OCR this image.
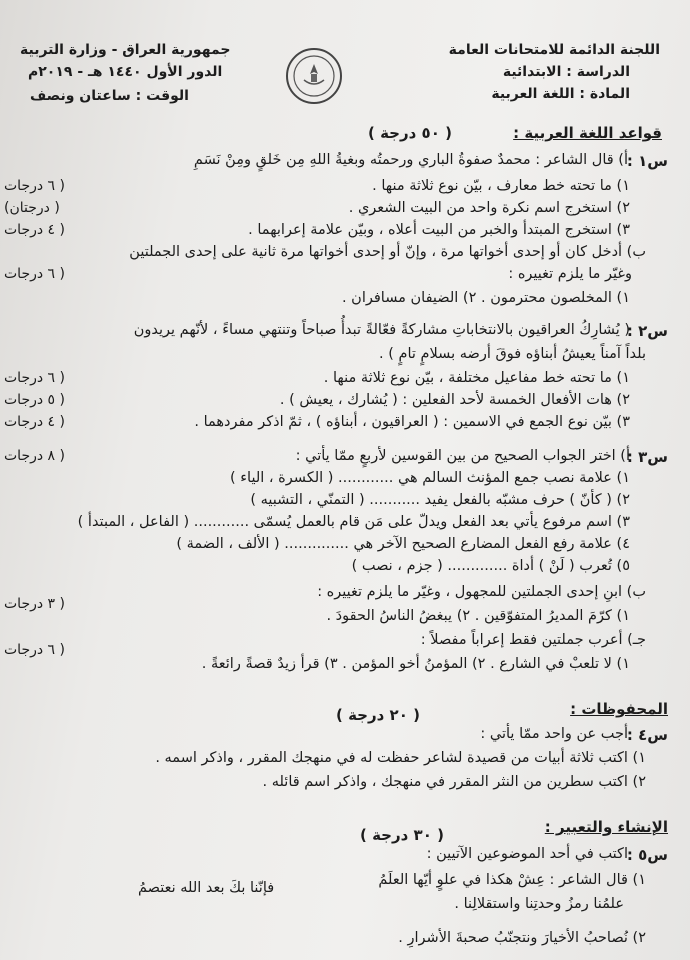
اللجنة الدائمة للامتحانات العامة
الدراسة : الابتدائية
المادة : اللغة العربية
جمهورية العراق - وزارة التربية
الدور الأول ١٤٤٠ هـ - ٢٠١٩م
الوقت : ساعتان ونصف
قواعد اللغة العربية :
( ٥٠ درجة )
س١ :
أ) قال الشاعر : محمدٌ صفوةُ الباري ورحمتُه وبغيةُ اللهِ مِن خَلقٍ ومِنْ نَسَمِ
١) ما تحته خط معارف ، بيّن نوع ثلاثة منها .
( ٦ درجات
٢) استخرج اسم نكرة واحد من البيت الشعري .
( درجتان)
٣) استخرج المبتدأ والخبر من البيت أعلاه ، وبيّن علامة إعرابهما .
( ٤ درجات
ب) أدخل كان أو إحدى أخواتها مرة ، وإنّ أو إحدى أخواتها مرة ثانية على إحدى الجملتين
وغيّر ما يلزم تغييره :
( ٦ درجات
١) المخلصون محترمون . ٢) الضيفان مسافران .
س٢ :
( يُشارِكُ العراقيون بالانتخاباتِ مشاركةً فعّالةً تبدأُ صباحاً وتنتهي مساءً ، لأنّهم يريدون
بلداً آمناً يعيشُ أبناؤه فوقَ أرضه بسلامٍ تامٍ ) .
١) ما تحته خط مفاعيل مختلفة ، بيّن نوع ثلاثة منها .
( ٦ درجات
٢) هات الأفعال الخمسة لأحد الفعلين : ( يُشارك ، يعيش ) .
( ٥ درجات
٣) بيّن نوع الجمع في الاسمين : ( العراقيون ، أبناؤه ) ، ثمّ اذكر مفردهما .
( ٤ درجات
س٣ :
أ) اختر الجواب الصحيح من بين القوسين لأربعٍ ممّا يأتي :
( ٨ درجات
١) علامة نصب جمع المؤنث السالم هي ............ ( الكسرة ، الياء )
٢) ( كأنّ ) حرف مشبّه بالفعل يفيد ........... ( التمنّي ، التشبيه )
٣) اسم مرفوع يأتي بعد الفعل ويدلّ على مَن قام بالعمل يُسمّى ............ ( الفاعل ، المبتدأ )
٤) علامة رفع الفعل المضارع الصحيح الآخر هي .............. ( الألف ، الضمة )
٥) تُعرب ( لَنْ ) أداة ............. ( جزم ، نصب )
ب) ابنِ إحدى الجملتين للمجهول ، وغيّر ما يلزم تغييره :
( ٣ درجات
١) كرّمَ المديرُ المتفوّقين . ٢) يبغضُ الناسُ الحقودَ .
جـ) أعرب جملتين فقط إعراباً مفصلاً :
( ٦ درجات
١) لا تلعبْ في الشارع . ٢) المؤمنُ أخو المؤمن . ٣) قرأ زيدٌ قصةً رائعةً .
المحفوظات :
( ٢٠ درجة )
س٤ :
أجب عن واحد ممّا يأتي :
١) اكتب ثلاثة أبيات من قصيدة لشاعر حفظت له في منهجك المقرر ، واذكر اسمه .
٢) اكتب سطرين من النثر المقرر في منهجك ، واذكر اسم قائله .
الإنشاء والتعبير :
( ٣٠ درجة )
س٥ :
اكتب في أحد الموضوعين الآتيين :
١) قال الشاعر : عِشْ هكذا في علوٍ أيّها العلَمُ
فإنّنا بكَ بعد الله نعتصمُ
علمُنا رمزُ وحدتِنا واستقلالِنا .
٢) نُصاحبُ الأخيارَ ونتجنّبُ صحبةَ الأشرارِ .
